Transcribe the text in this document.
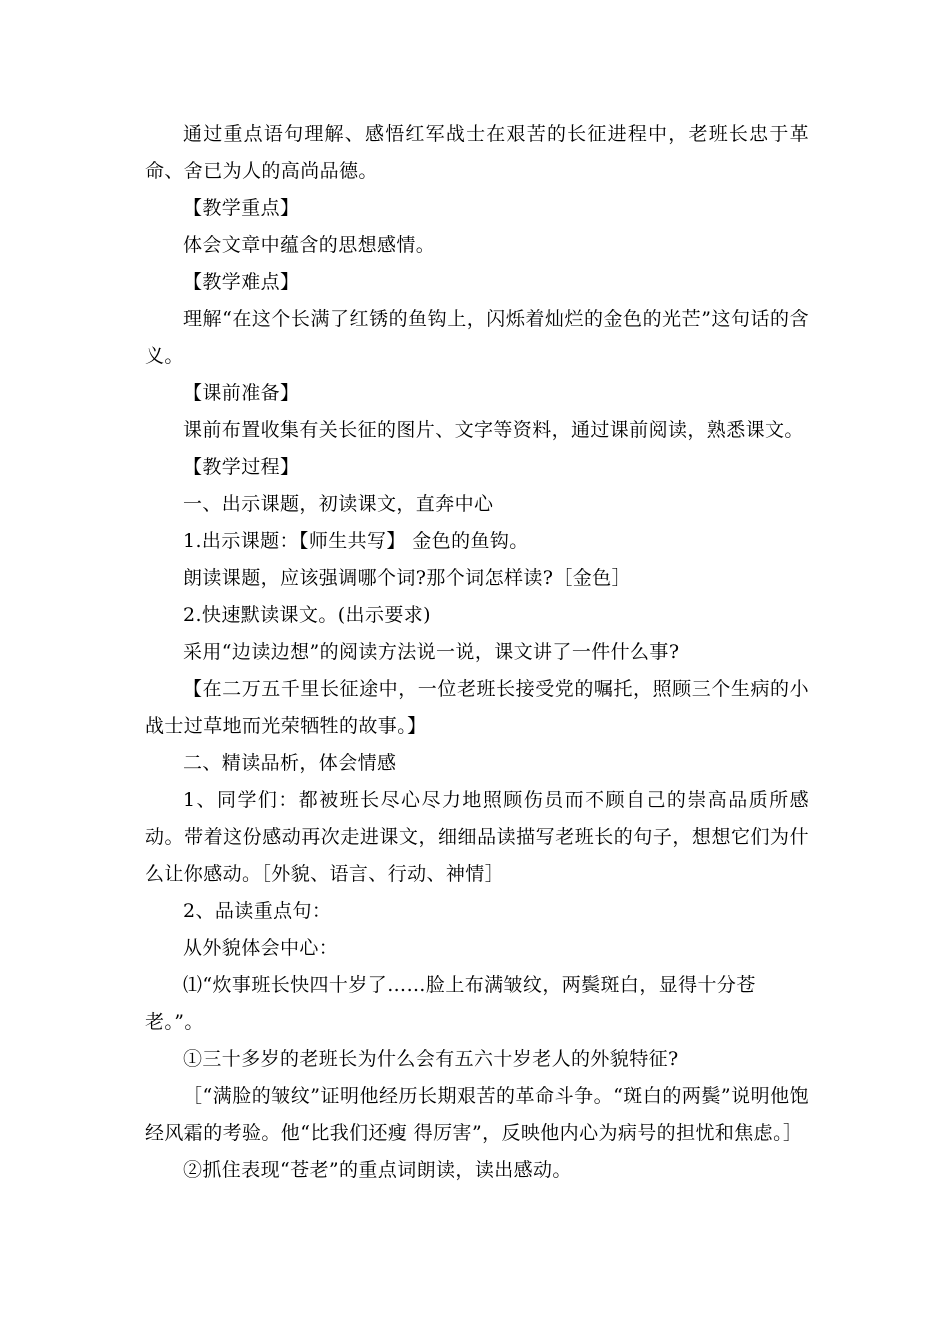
通过重点语句理解、感悟红军战士在艰苦的长征进程中，老班长忠于革命、舍已为人的高尚品德。

【教学重点】

体会文章中蕴含的思想感情。

【教学难点】

理解“在这个长满了红锈的鱼钩上，闪烁着灿烂的金色的光芒”这句话的含义。

【课前准备】

课前布置收集有关长征的图片、文字等资料，通过课前阅读，熟悉课文。

【教学过程】

一、出示课题，初读课文，直奔中心

1.出示课题：【师生共写】 金色的鱼钩。

朗读课题，应该强调哪个词?那个词怎样读?［金色］

2.快速默读课文。(出示要求)

采用“边读边想”的阅读方法说一说，课文讲了一件什么事?

【在二万五千里长征途中，一位老班长接受党的嘱托，照顾三个生病的小战士过草地而光荣牺牲的故事。】

二、精读品析，体会情感

1、同学们：都被班长尽心尽力地照顾伤员而不顾自己的崇高品质所感动。带着这份感动再次走进课文，细细品读描写老班长的句子，想想它们为什么让你感动。［外貌、语言、行动、神情］

2、品读重点句：

从外貌体会中心：

⑴“炊事班长快四十岁了……脸上布满皱纹，两鬓斑白，显得十分苍老。”。

①三十多岁的老班长为什么会有五六十岁老人的外貌特征?

［“满脸的皱纹”证明他经历长期艰苦的革命斗争。“斑白的两鬓”说明他饱经风霜的考验。他“比我们还瘦 得厉害”，反映他内心为病号的担忧和焦虑。］

②抓住表现“苍老”的重点词朗读，读出感动。
